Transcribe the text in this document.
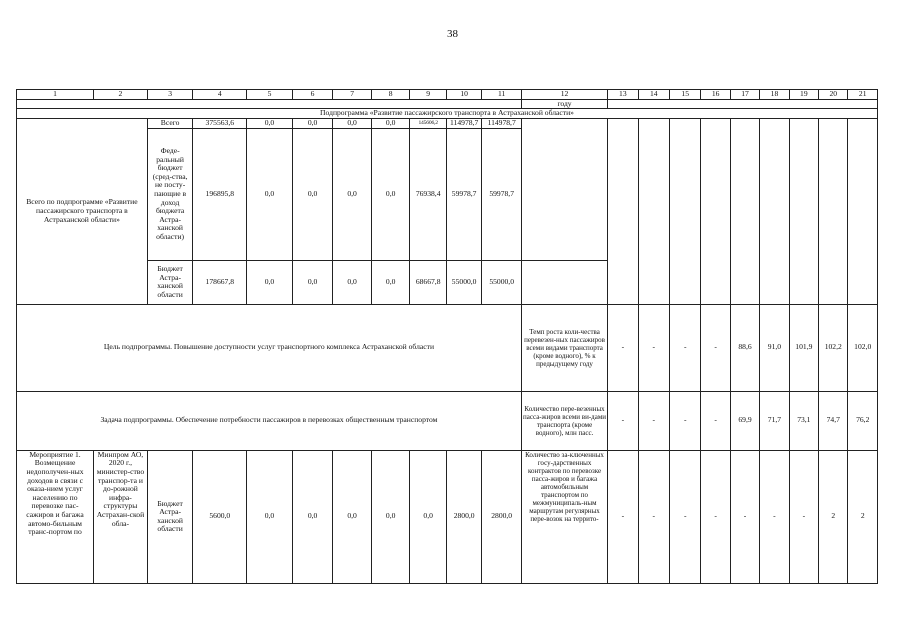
38
1	2	3	4	5	6	7	8	9	10	11	12	13	14	15	16	17	18	19	20	21
											году									
Подпрограмма «Развитие пассажирского транспорта в Астраханской области»																				
Всего по подпрограмме «Развитие пассажирского транспорта в Астраханской области»		Всего	375563,6	0,0	0,0	0,0	0,0	145606,2	114978,7	114978,7										
		Феде-ральный бюджет (сред-ства, не посту-пающие в доход бюджета Астра-ханской области)	196895,8	0,0	0,0	0,0	0,0	76938,4	59978,7	59978,7										
		Бюджет Астра-ханской области	178667,8	0,0	0,0	0,0	0,0	68667,8	55000,0	55000,0										
Цель подпрограммы. Повышение доступности услуг транспортного комплекса Астраханской области											Темп роста коли-чества перевезен-ных пассажиров всеми видами транспорта (кроме водного), % к предыдущему году	-	-	-	-	88,6	91,0	101,9	102,2	102,0
Задача подпрограммы. Обеспечение потребности пассажиров в перевозках общественным транспортом											Количество пере-везенных пасса-жиров всеми ви-дами транспорта (кроме водного), млн пасс.	-	-	-	-	69,9	71,7	73,1	74,7	76,2
Мероприятие 1. Возмещение недополучен-ных доходов в связи с оказа-нием услуг населению по перевозке пас-сажиров и багажа автомо-бильным транс-портом по	Минпром АО, 2020 г., министер-ство транспор-та и до-рожной инфра-структуры Астрахан-ской обла-	Бюджет Астра-ханской области	5600,0	0,0	0,0	0,0	0,0	0,0	2800,0	2800,0	Количество за-ключенных госу-дарственных контрактов по перевозке пасса-жиров и багажа автомобильным транспортом по межмуниципаль-ным маршрутам регулярных пере-возок на террито-	-	-	-	-	-	-	-	2	2
